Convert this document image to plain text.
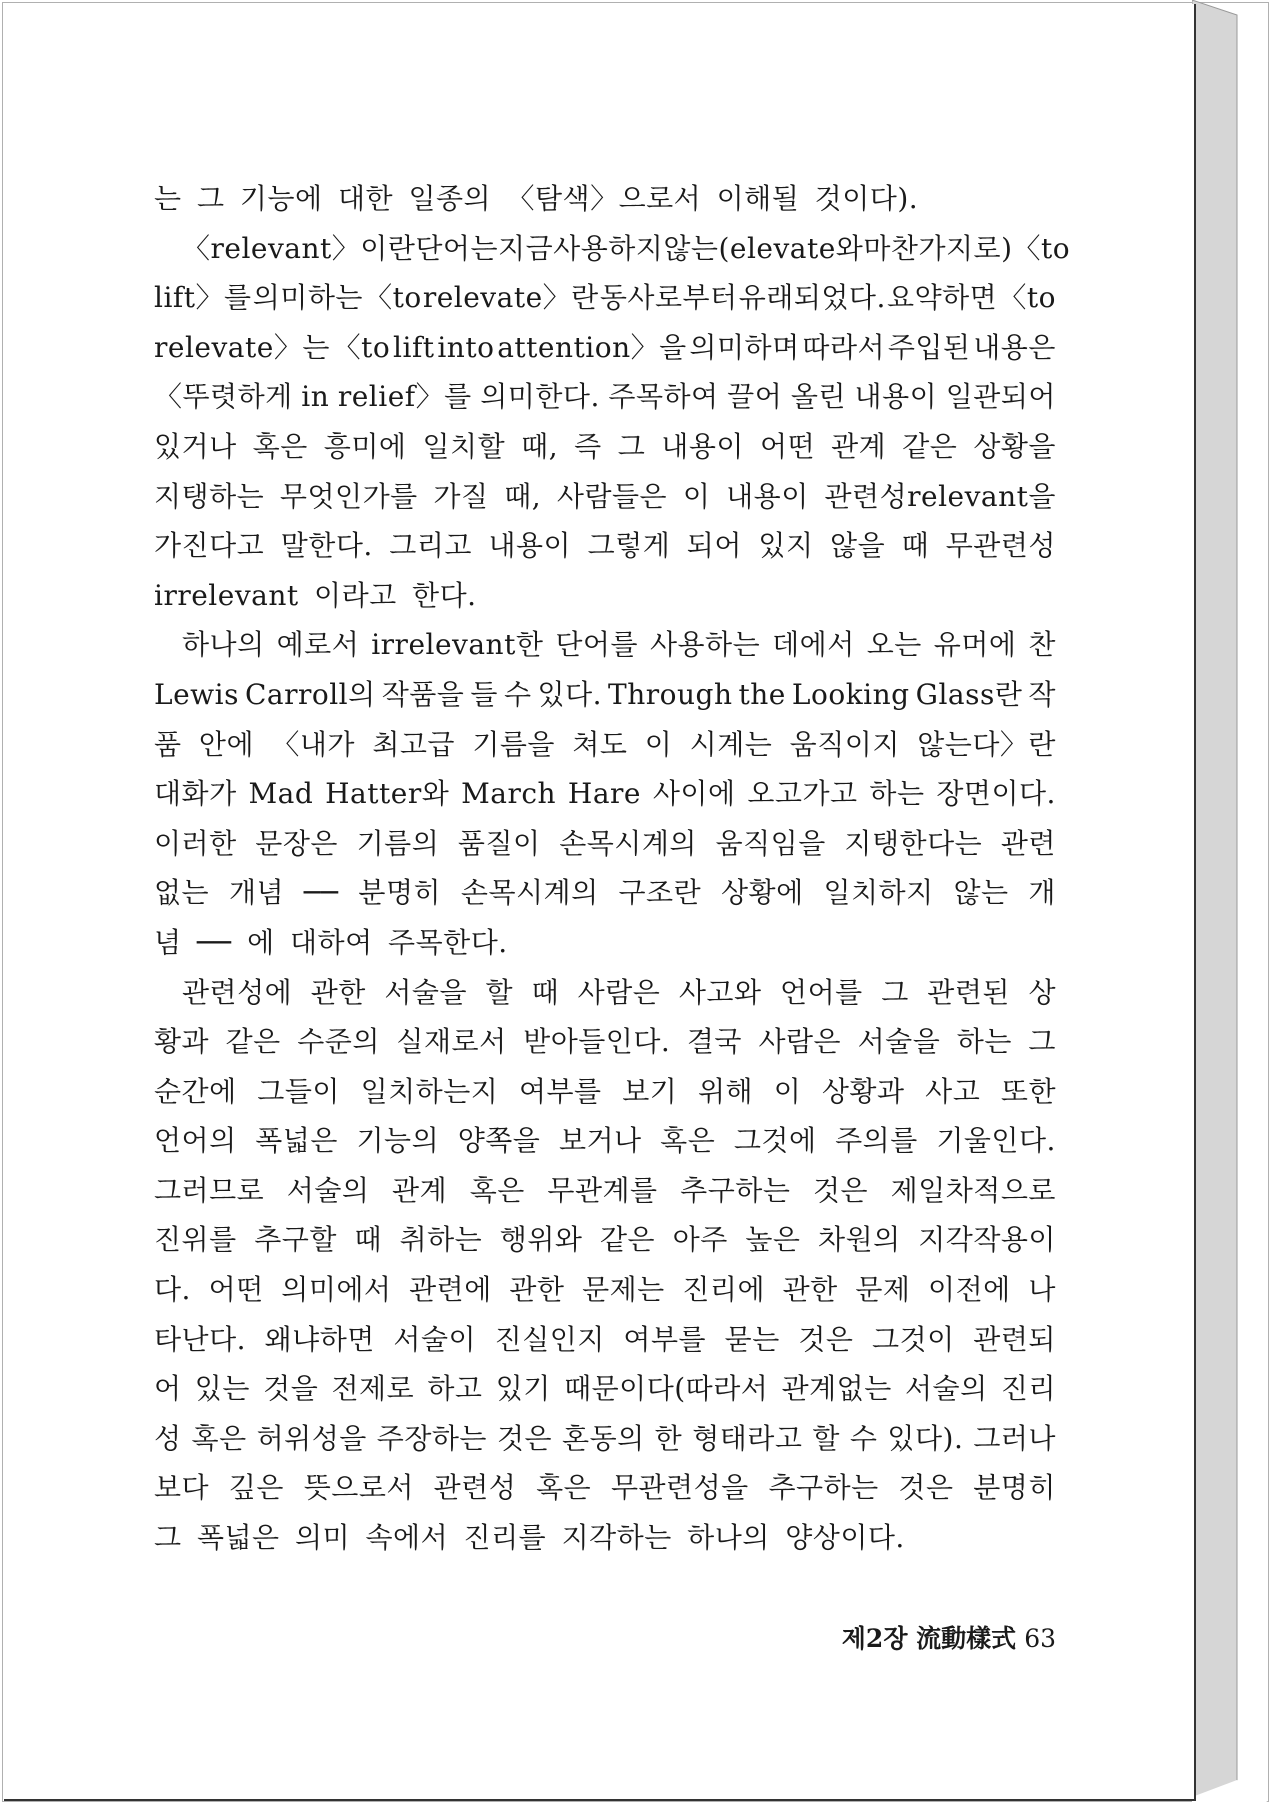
는 그 기능에 대한 일종의 〈탐색〉으로서 이해될 것이다).
〈relevant〉이란 단어는 지금 사용하지 않는 (elevate와 마찬가지로) 〈to
lift〉를 의미하는 〈to relevate〉란 동사로부터 유래되었다. 요약하면 〈to
relevate〉는 〈to lift into attention〉을 의미하며 따라서 주입된 내용은
〈뚜렷하게 in relief〉를 의미한다. 주목하여 끌어 올린 내용이 일관되어
있거나 혹은 흥미에 일치할 때, 즉 그 내용이 어떤 관계 같은 상황을
지탱하는 무엇인가를 가질 때, 사람들은 이 내용이 관련성relevant을
가진다고 말한다. 그리고 내용이 그렇게 되어 있지 않을 때 무관련성
irrelevant 이라고 한다.
하나의 예로서 irrelevant한 단어를 사용하는 데에서 오는 유머에 찬
Lewis Carroll의 작품을 들 수 있다. Through the Looking Glass란 작
품 안에 〈내가 최고급 기름을 쳐도 이 시계는 움직이지 않는다〉란
대화가 Mad Hatter와 March Hare 사이에 오고가고 하는 장면이다.
이러한 문장은 기름의 품질이 손목시계의 움직임을 지탱한다는 관련
없는 개념 ── 분명히 손목시계의 구조란 상황에 일치하지 않는 개
념 ── 에 대하여 주목한다.
관련성에 관한 서술을 할 때 사람은 사고와 언어를 그 관련된 상
황과 같은 수준의 실재로서 받아들인다. 결국 사람은 서술을 하는 그
순간에 그들이 일치하는지 여부를 보기 위해 이 상황과 사고 또한
언어의 폭넓은 기능의 양쪽을 보거나 혹은 그것에 주의를 기울인다.
그러므로 서술의 관계 혹은 무관계를 추구하는 것은 제일차적으로
진위를 추구할 때 취하는 행위와 같은 아주 높은 차원의 지각작용이
다. 어떤 의미에서 관련에 관한 문제는 진리에 관한 문제 이전에 나
타난다. 왜냐하면 서술이 진실인지 여부를 묻는 것은 그것이 관련되
어 있는 것을 전제로 하고 있기 때문이다(따라서 관계없는 서술의 진리
성 혹은 허위성을 주장하는 것은 혼동의 한 형태라고 할 수 있다). 그러나
보다 깊은 뜻으로서 관련성 혹은 무관련성을 추구하는 것은 분명히
그 폭넓은 의미 속에서 진리를 지각하는 하나의 양상이다.
제2장 流動樣式 63
